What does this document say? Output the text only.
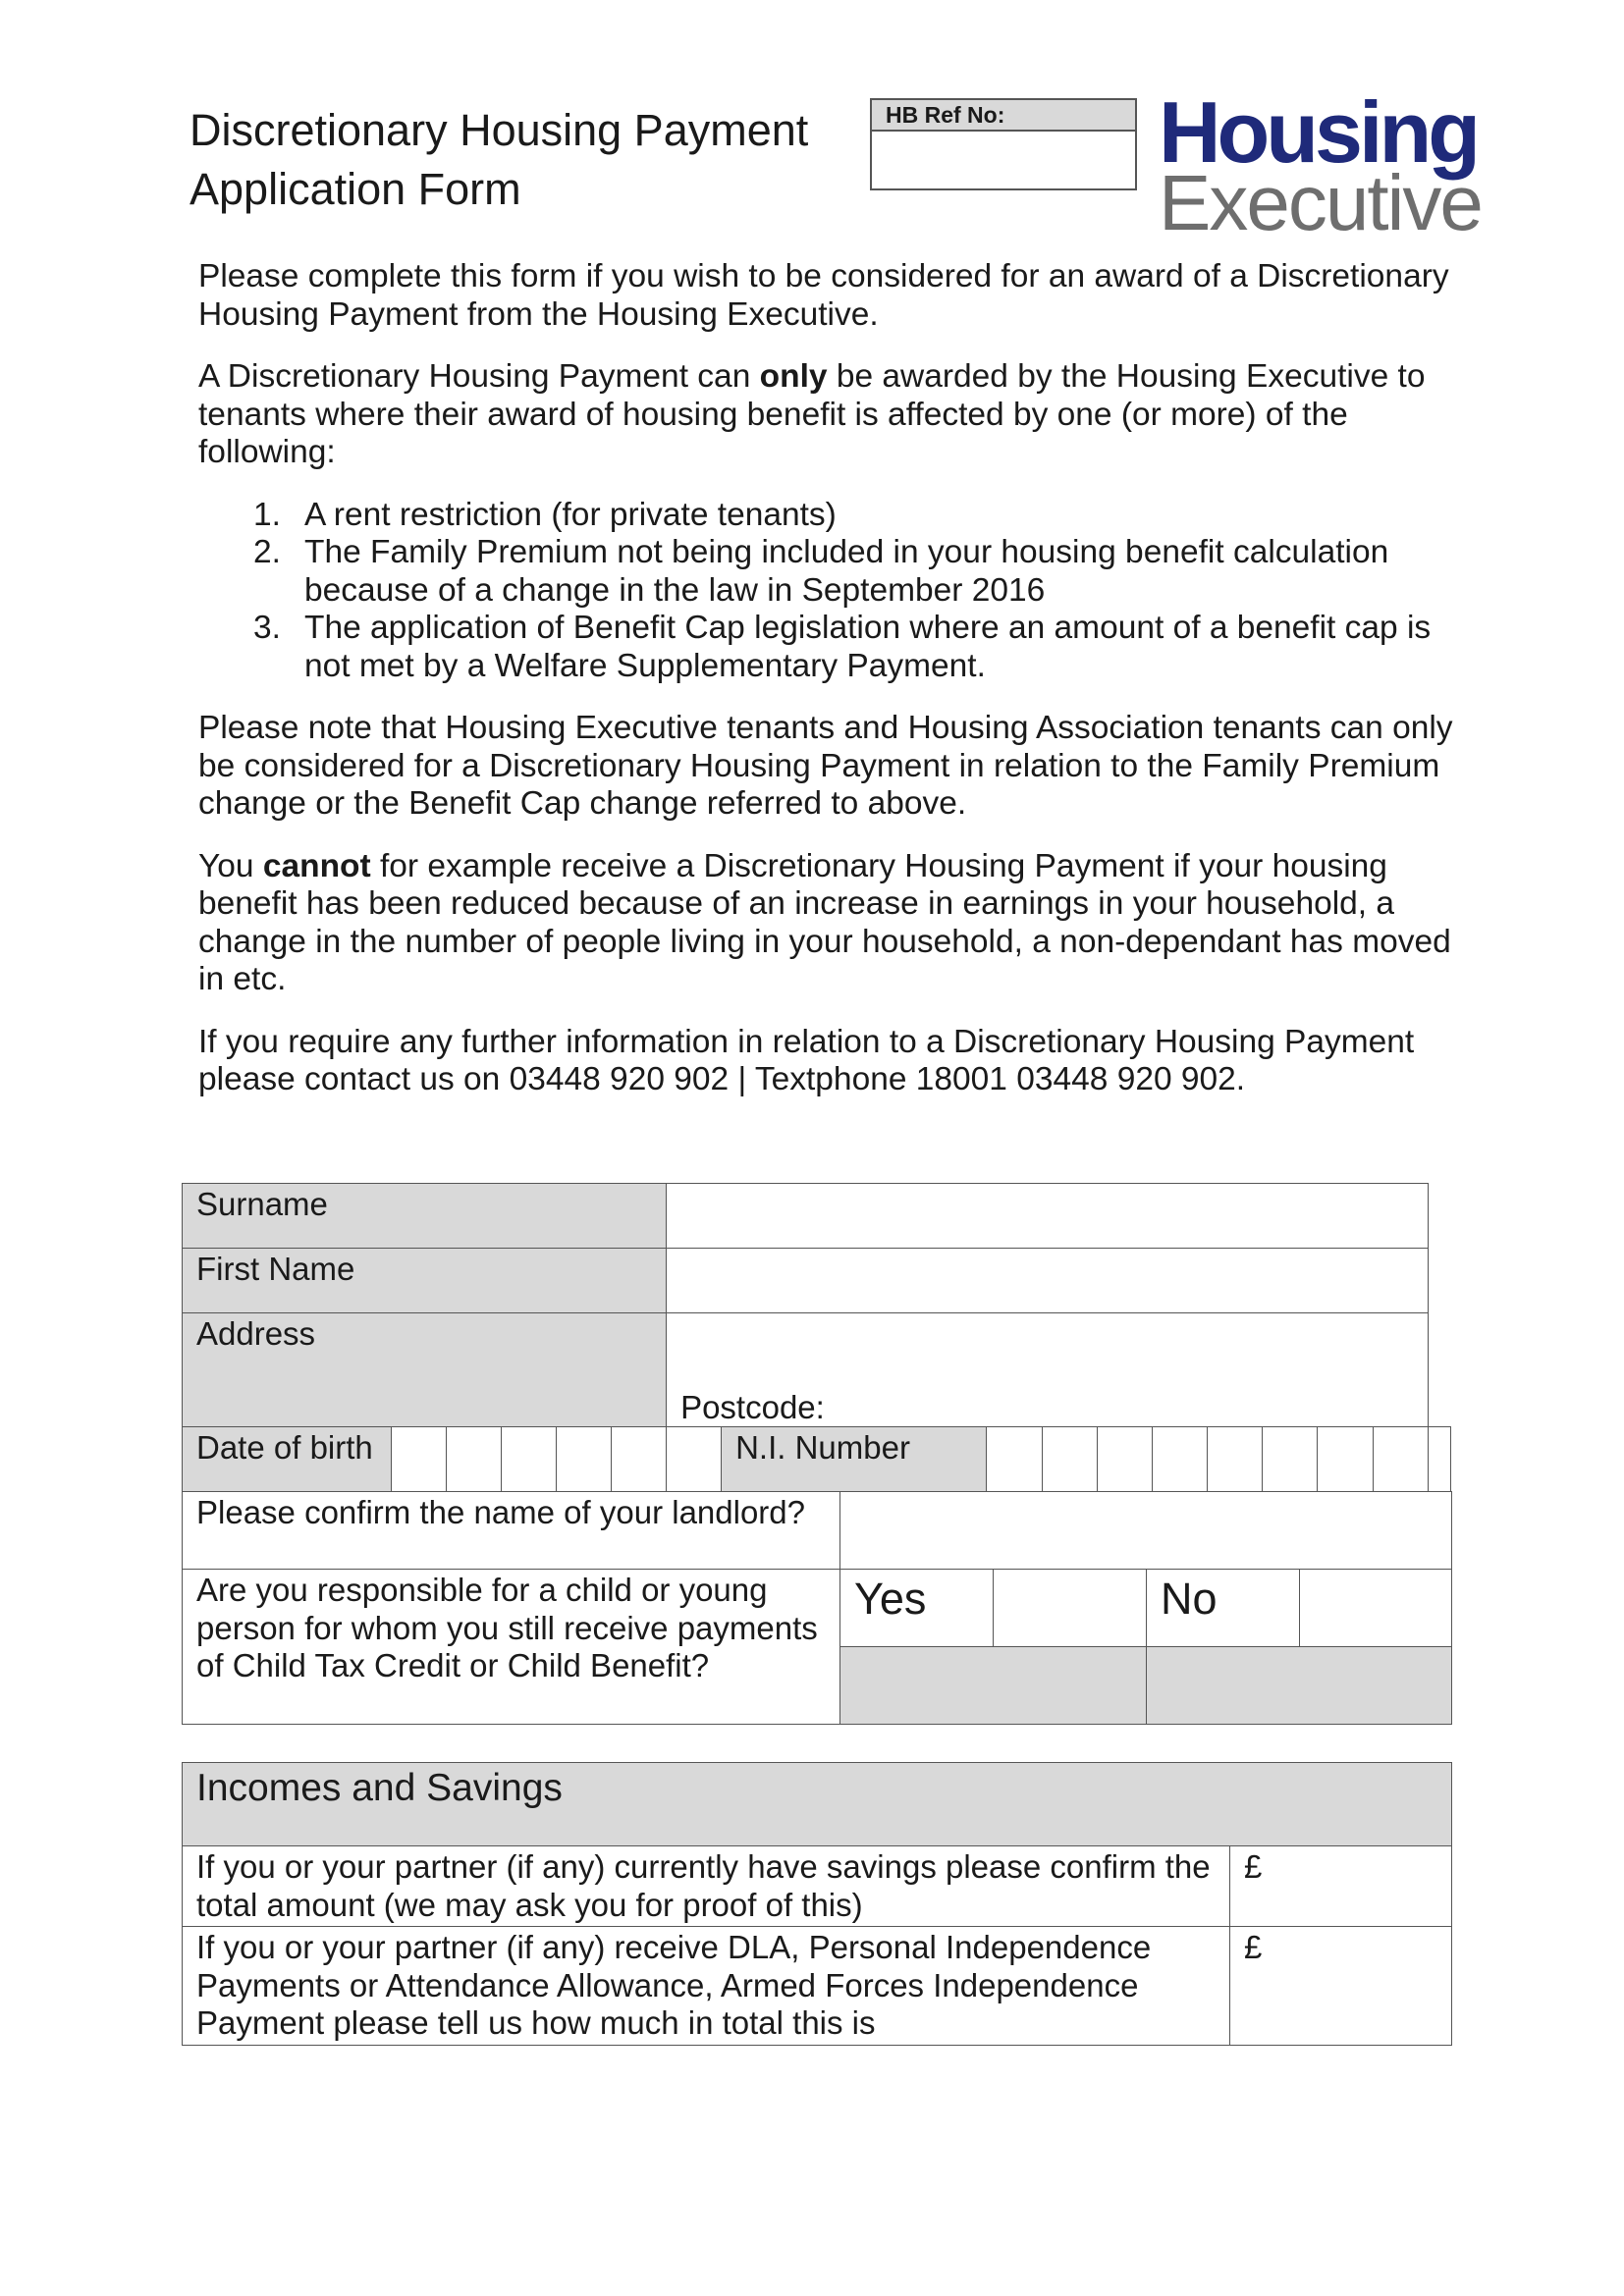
Discretionary Housing Payment
Application Form
HB Ref No:	Housing
Executive

Please complete this form if you wish to be considered for an award of a Discretionary Housing Payment from the Housing Executive.

A Discretionary Housing Payment can only be awarded by the Housing Executive to tenants where their award of housing benefit is affected by one (or more) of the following:

1. A rent restriction (for private tenants)
2. The Family Premium not being included in your housing benefit calculation because of a change in the law in September 2016
3. The application of Benefit Cap legislation where an amount of a benefit cap is not met by a Welfare Supplementary Payment.

Please note that Housing Executive tenants and Housing Association tenants can only be considered for a Discretionary Housing Payment in relation to the Family Premium change or the Benefit Cap change referred to above.

You cannot for example receive a Discretionary Housing Payment if your housing benefit has been reduced because of an increase in earnings in your household, a change in the number of people living in your household, a non-dependant has moved in etc.

If you require any further information in relation to a Discretionary Housing Payment please contact us on 03448 920 902 | Textphone 18001 03448 920 902.

Surname																
First Name																
Address						Postcode:										
Date of birth							N.I. Number									
Please confirm the name of your landlord?				
Are you responsible for a child or young person for whom you still receive payments of Child Tax Credit or Child Benefit?	Yes		No	

Incomes and Savings	
If you or your partner (if any) currently have savings please confirm the total amount (we may ask you for proof of this)	£
If you or your partner (if any) receive DLA, Personal Independence Payments or Attendance Allowance, Armed Forces Independence Payment please tell us how much in total this is	£
